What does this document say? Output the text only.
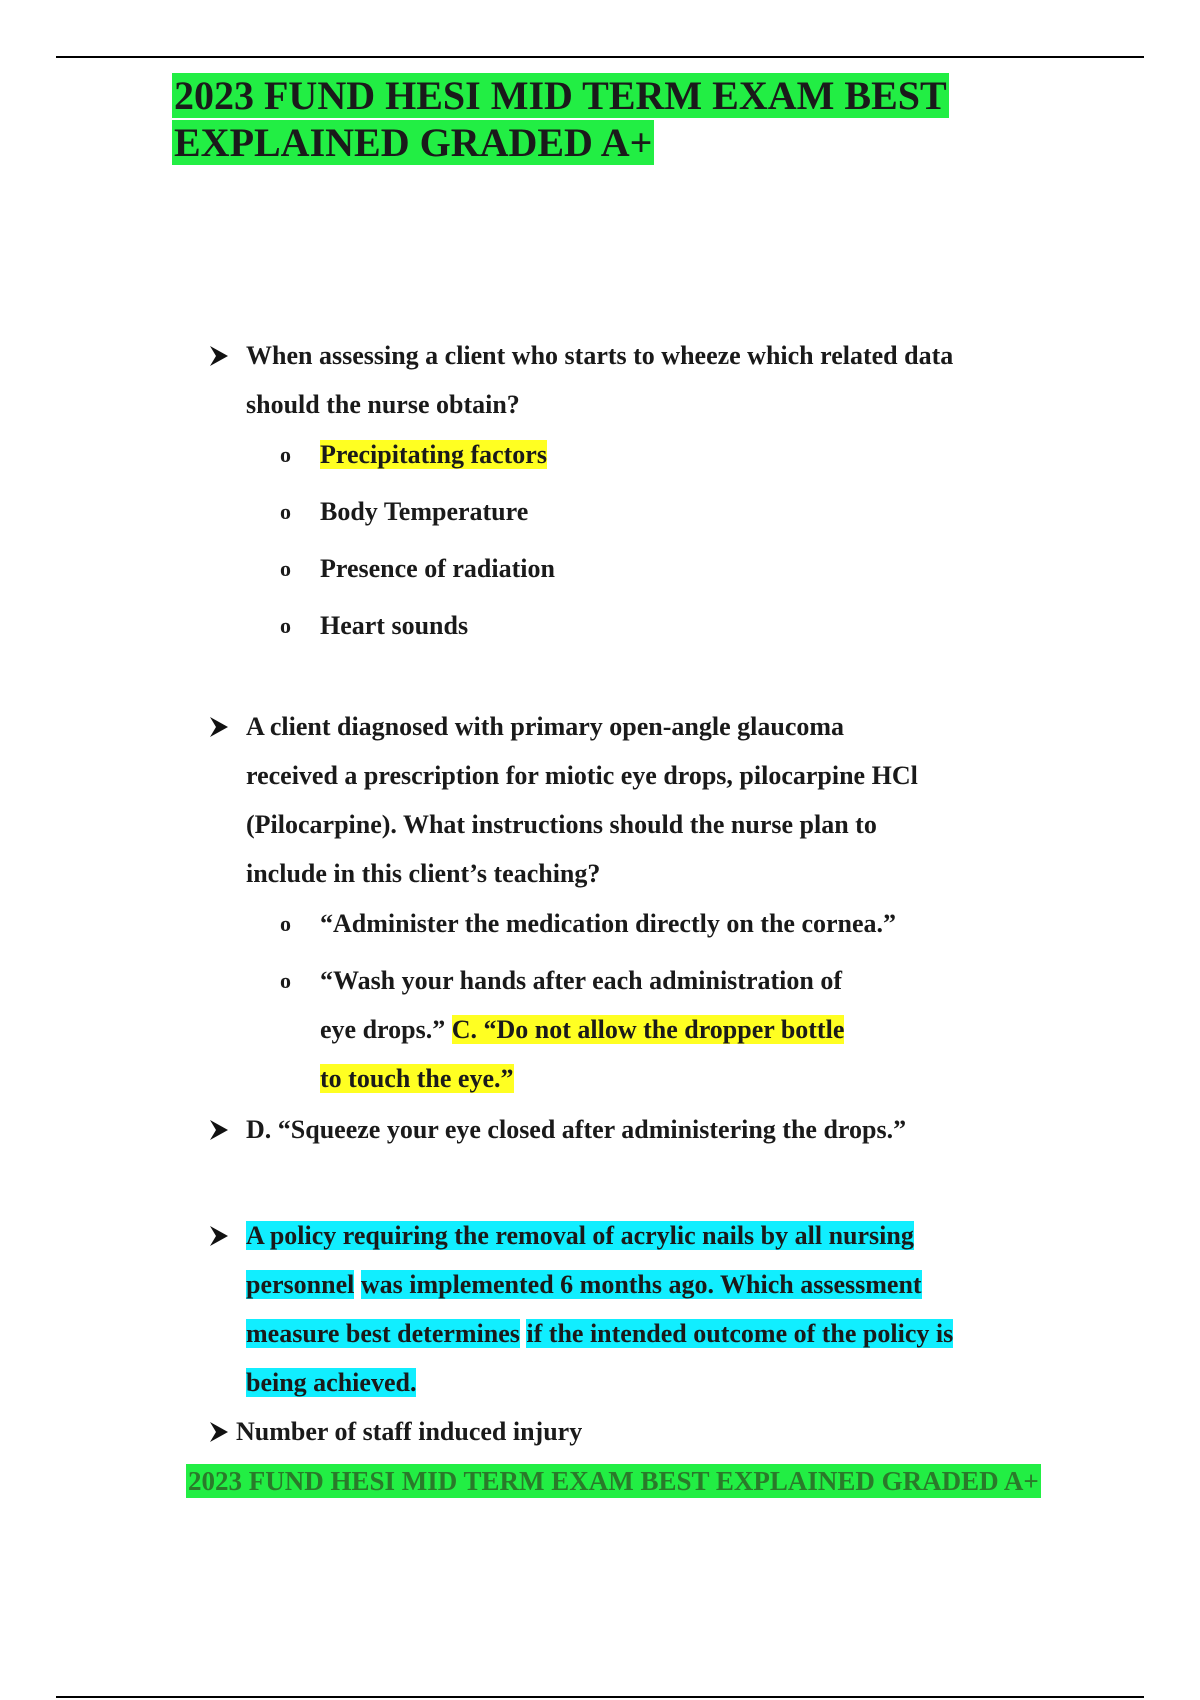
2023 FUND HESI MID TERM EXAM BEST
EXPLAINED GRADED A+
When assessing a client who starts to wheeze which related data
should the nurse obtain?
o Precipitating factors
o Body Temperature
o Presence of radiation
o Heart sounds
A client diagnosed with primary open-angle glaucoma
received a prescription for miotic eye drops, pilocarpine HCl
(Pilocarpine). What instructions should the nurse plan to
include in this client’s teaching?
o “Administer the medication directly on the cornea.”
o “Wash your hands after each administration of
eye drops.” C. “Do not allow the dropper bottle
to touch the eye.”
D. “Squeeze your eye closed after administering the drops.”
A policy requiring the removal of acrylic nails by all nursing
personnel was implemented 6 months ago. Which assessment
measure best determines if the intended outcome of the policy is
being achieved.
Number of staff induced injury
2023 FUND HESI MID TERM EXAM BEST EXPLAINED GRADED A+
